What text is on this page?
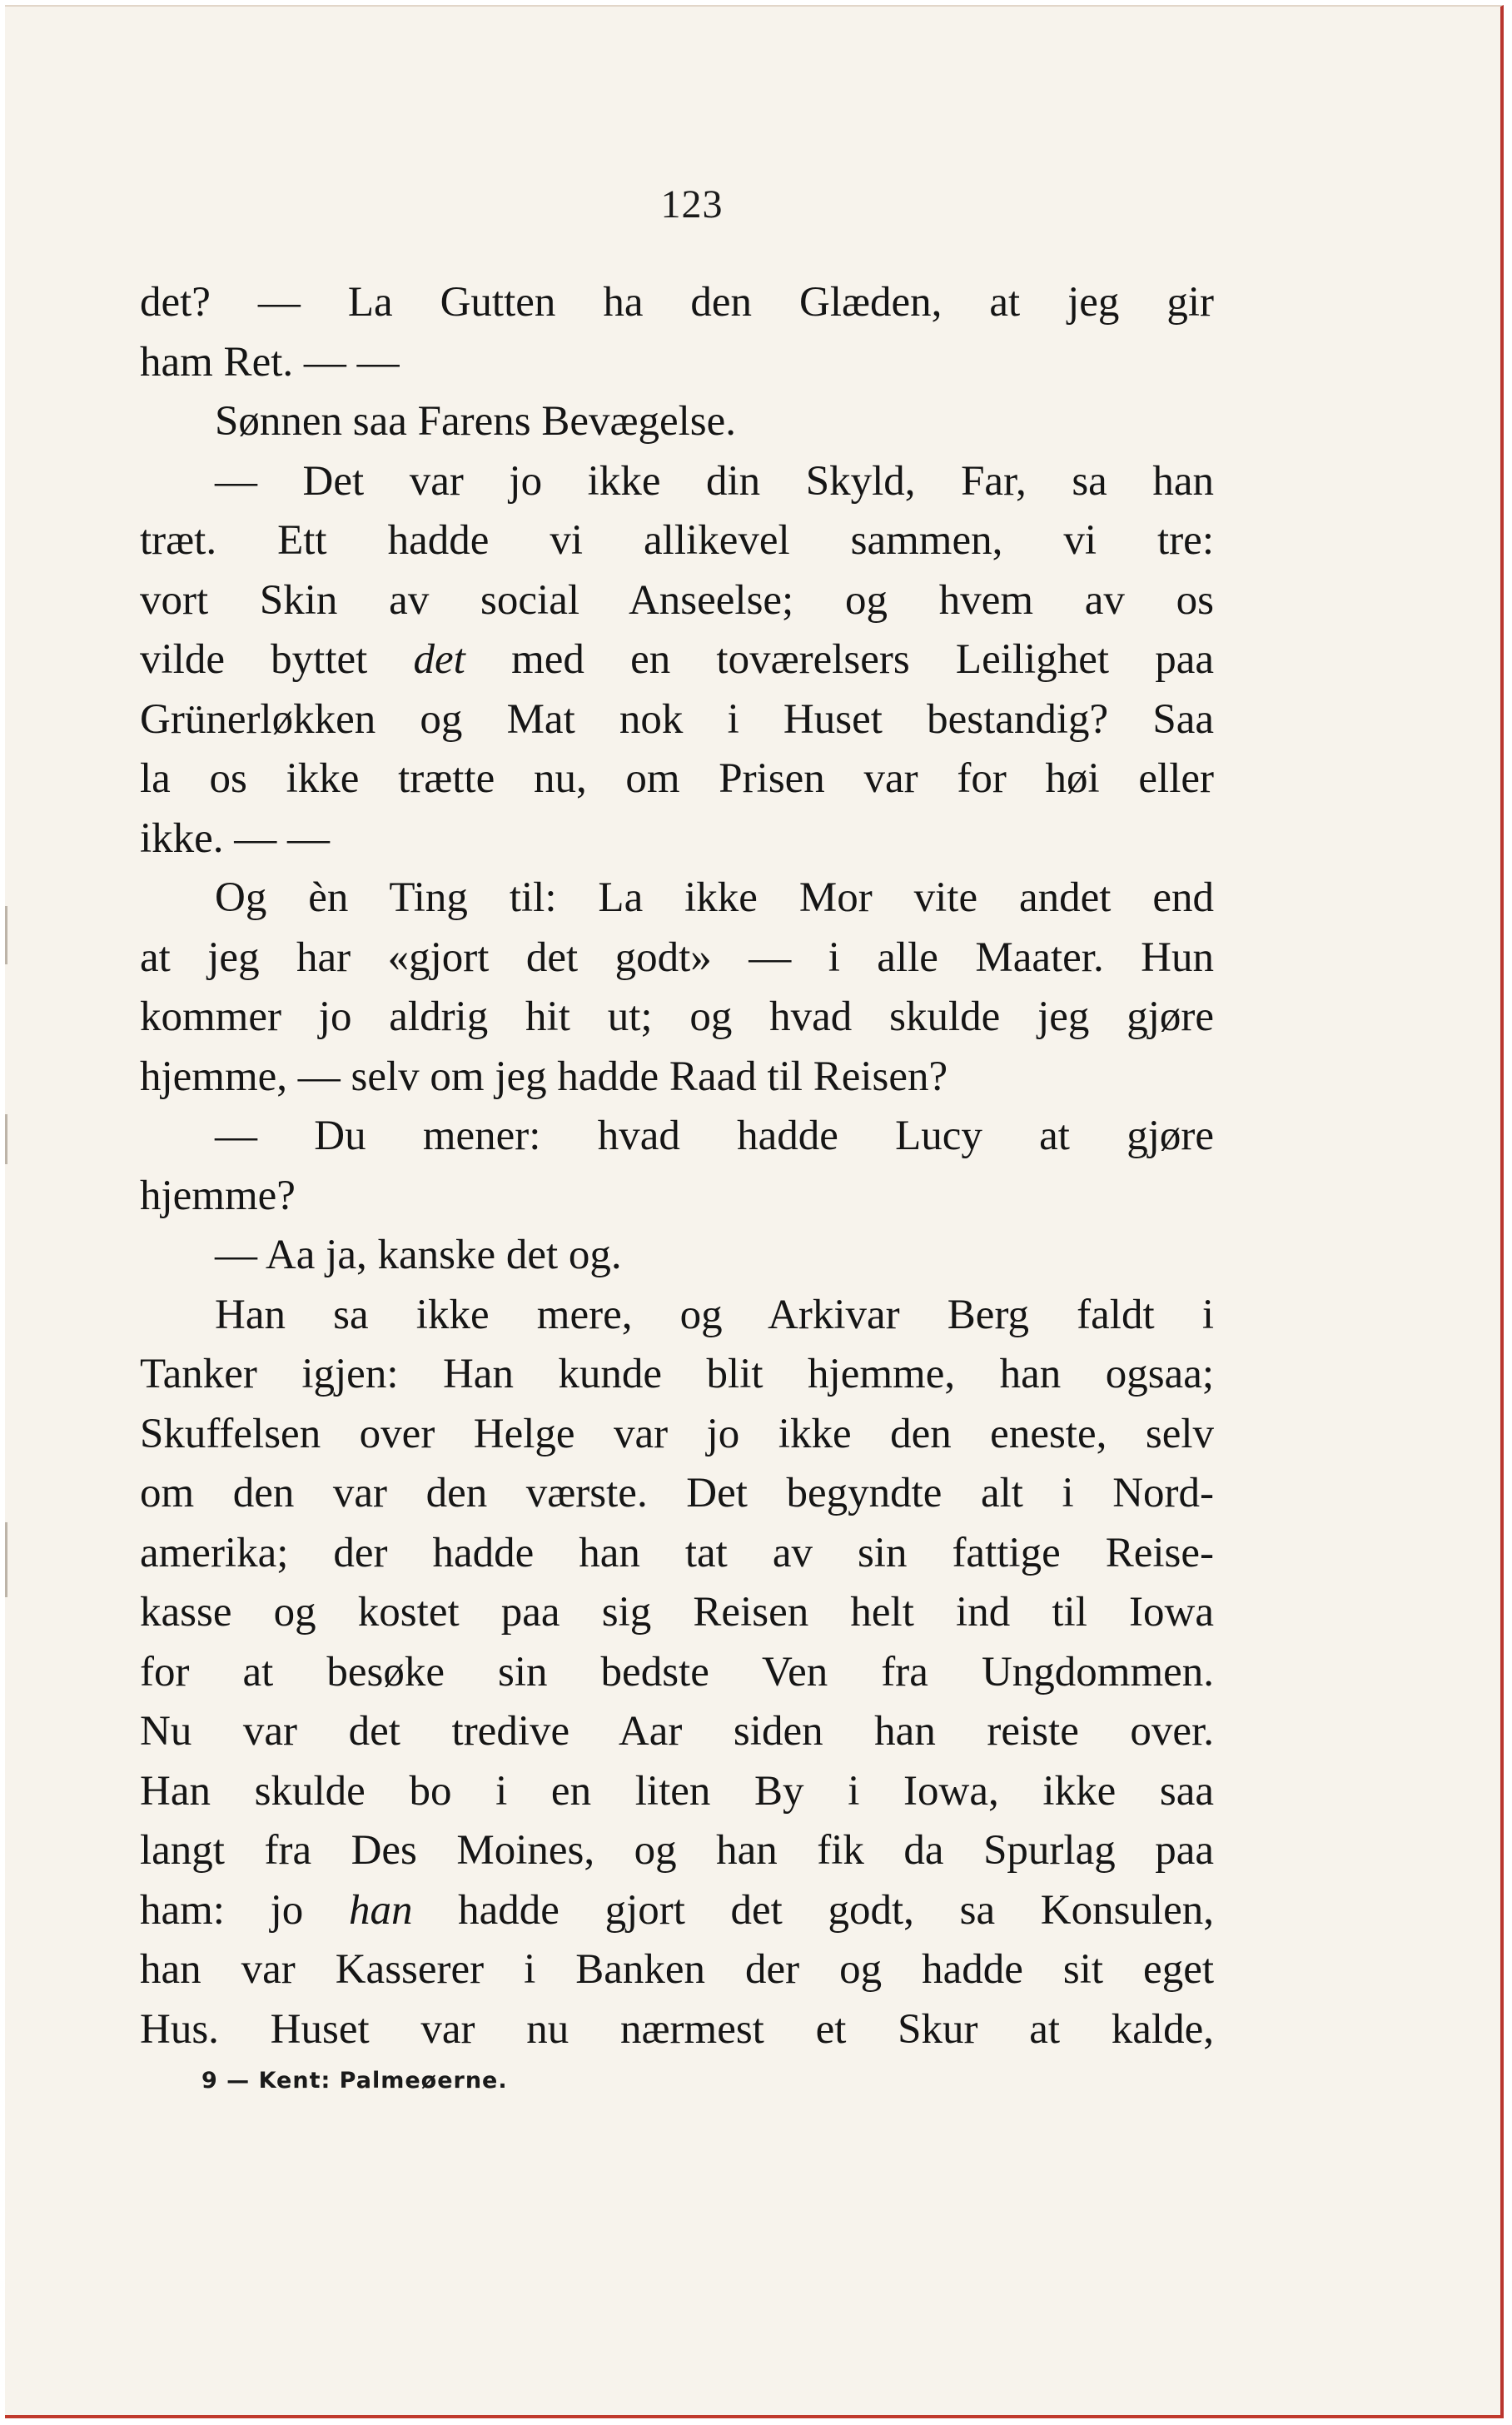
123
det? — La Gutten ha den Glæden, at jeg gir
ham Ret. — —
Sønnen saa Farens Bevægelse.
— Det var jo ikke din Skyld, Far, sa han
træt. Ett hadde vi allikevel sammen, vi tre:
vort Skin av social Anseelse; og hvem av os
vilde byttet det med en toværelsers Leilighet paa
Grünerløkken og Mat nok i Huset bestandig? Saa
la os ikke trætte nu, om Prisen var for høi eller
ikke. — —
Og èn Ting til: La ikke Mor vite andet end
at jeg har «gjort det godt» — i alle Maater. Hun
kommer jo aldrig hit ut; og hvad skulde jeg gjøre
hjemme, — selv om jeg hadde Raad til Reisen?
— Du mener: hvad hadde Lucy at gjøre
hjemme?
— Aa ja, kanske det og.
Han sa ikke mere, og Arkivar Berg faldt i
Tanker igjen: Han kunde blit hjemme, han ogsaa;
Skuffelsen over Helge var jo ikke den eneste, selv
om den var den værste. Det begyndte alt i Nord-
amerika; der hadde han tat av sin fattige Reise-
kasse og kostet paa sig Reisen helt ind til Iowa
for at besøke sin bedste Ven fra Ungdommen.
Nu var det tredive Aar siden han reiste over.
Han skulde bo i en liten By i Iowa, ikke saa
langt fra Des Moines, og han fik da Spurlag paa
ham: jo han hadde gjort det godt, sa Konsulen,
han var Kasserer i Banken der og hadde sit eget
Hus. Huset var nu nærmest et Skur at kalde,
9 — Kent: Palmeøerne.
